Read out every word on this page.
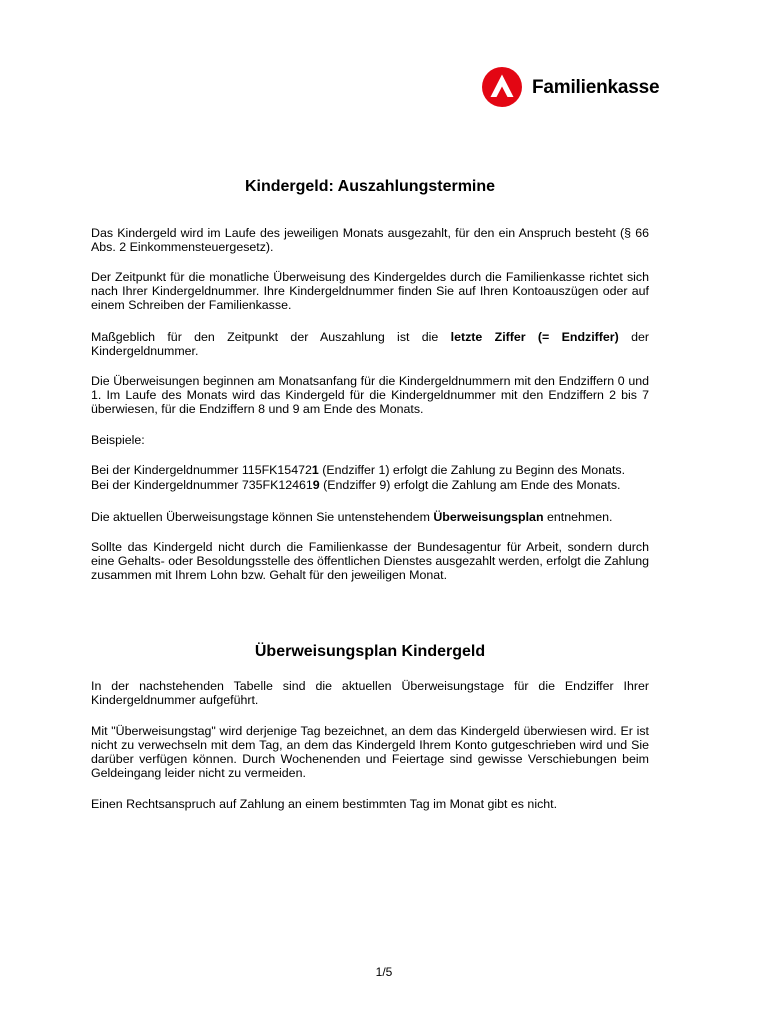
Familienkasse
Kindergeld: Auszahlungstermine

Das Kindergeld wird im Laufe des jeweiligen Monats ausgezahlt, für den ein Anspruch besteht (§ 66 Abs. 2 Einkommensteuergesetz).

Der Zeitpunkt für die monatliche Überweisung des Kindergeldes durch die Familienkasse richtet sich nach Ihrer Kindergeldnummer. Ihre Kindergeldnummer finden Sie auf Ihren Kontoauszügen oder auf einem Schreiben der Familienkasse.

Maßgeblich für den Zeitpunkt der Auszahlung ist die letzte Ziffer (= Endziffer) der Kindergeldnummer.

Die Überweisungen beginnen am Monatsanfang für die Kindergeldnummern mit den Endziffern 0 und 1. Im Laufe des Monats wird das Kindergeld für die Kindergeldnummer mit den Endziffern 2 bis 7 überwiesen, für die Endziffern 8 und 9 am Ende des Monats.

Beispiele:

Bei der Kindergeldnummer 115FK154721 (Endziffer 1) erfolgt die Zahlung zu Beginn des Monats.

Bei der Kindergeldnummer 735FK124619 (Endziffer 9) erfolgt die Zahlung am Ende des Monats.

Die aktuellen Überweisungstage können Sie untenstehendem Überweisungsplan entnehmen.

Sollte das Kindergeld nicht durch die Familienkasse der Bundesagentur für Arbeit, sondern durch eine Gehalts- oder Besoldungsstelle des öffentlichen Dienstes ausgezahlt werden, erfolgt die Zahlung zusammen mit Ihrem Lohn bzw. Gehalt für den jeweiligen Monat.

Überweisungsplan Kindergeld

In der nachstehenden Tabelle sind die aktuellen Überweisungstage für die Endziffer Ihrer Kindergeldnummer aufgeführt.

Mit "Überweisungstag" wird derjenige Tag bezeichnet, an dem das Kindergeld überwiesen wird. Er ist nicht zu verwechseln mit dem Tag, an dem das Kindergeld Ihrem Konto gutgeschrieben wird und Sie darüber verfügen können. Durch Wochenenden und Feiertage sind gewisse Verschiebungen beim Geldeingang leider nicht zu vermeiden.

Einen Rechtsanspruch auf Zahlung an einem bestimmten Tag im Monat gibt es nicht.

1/5
